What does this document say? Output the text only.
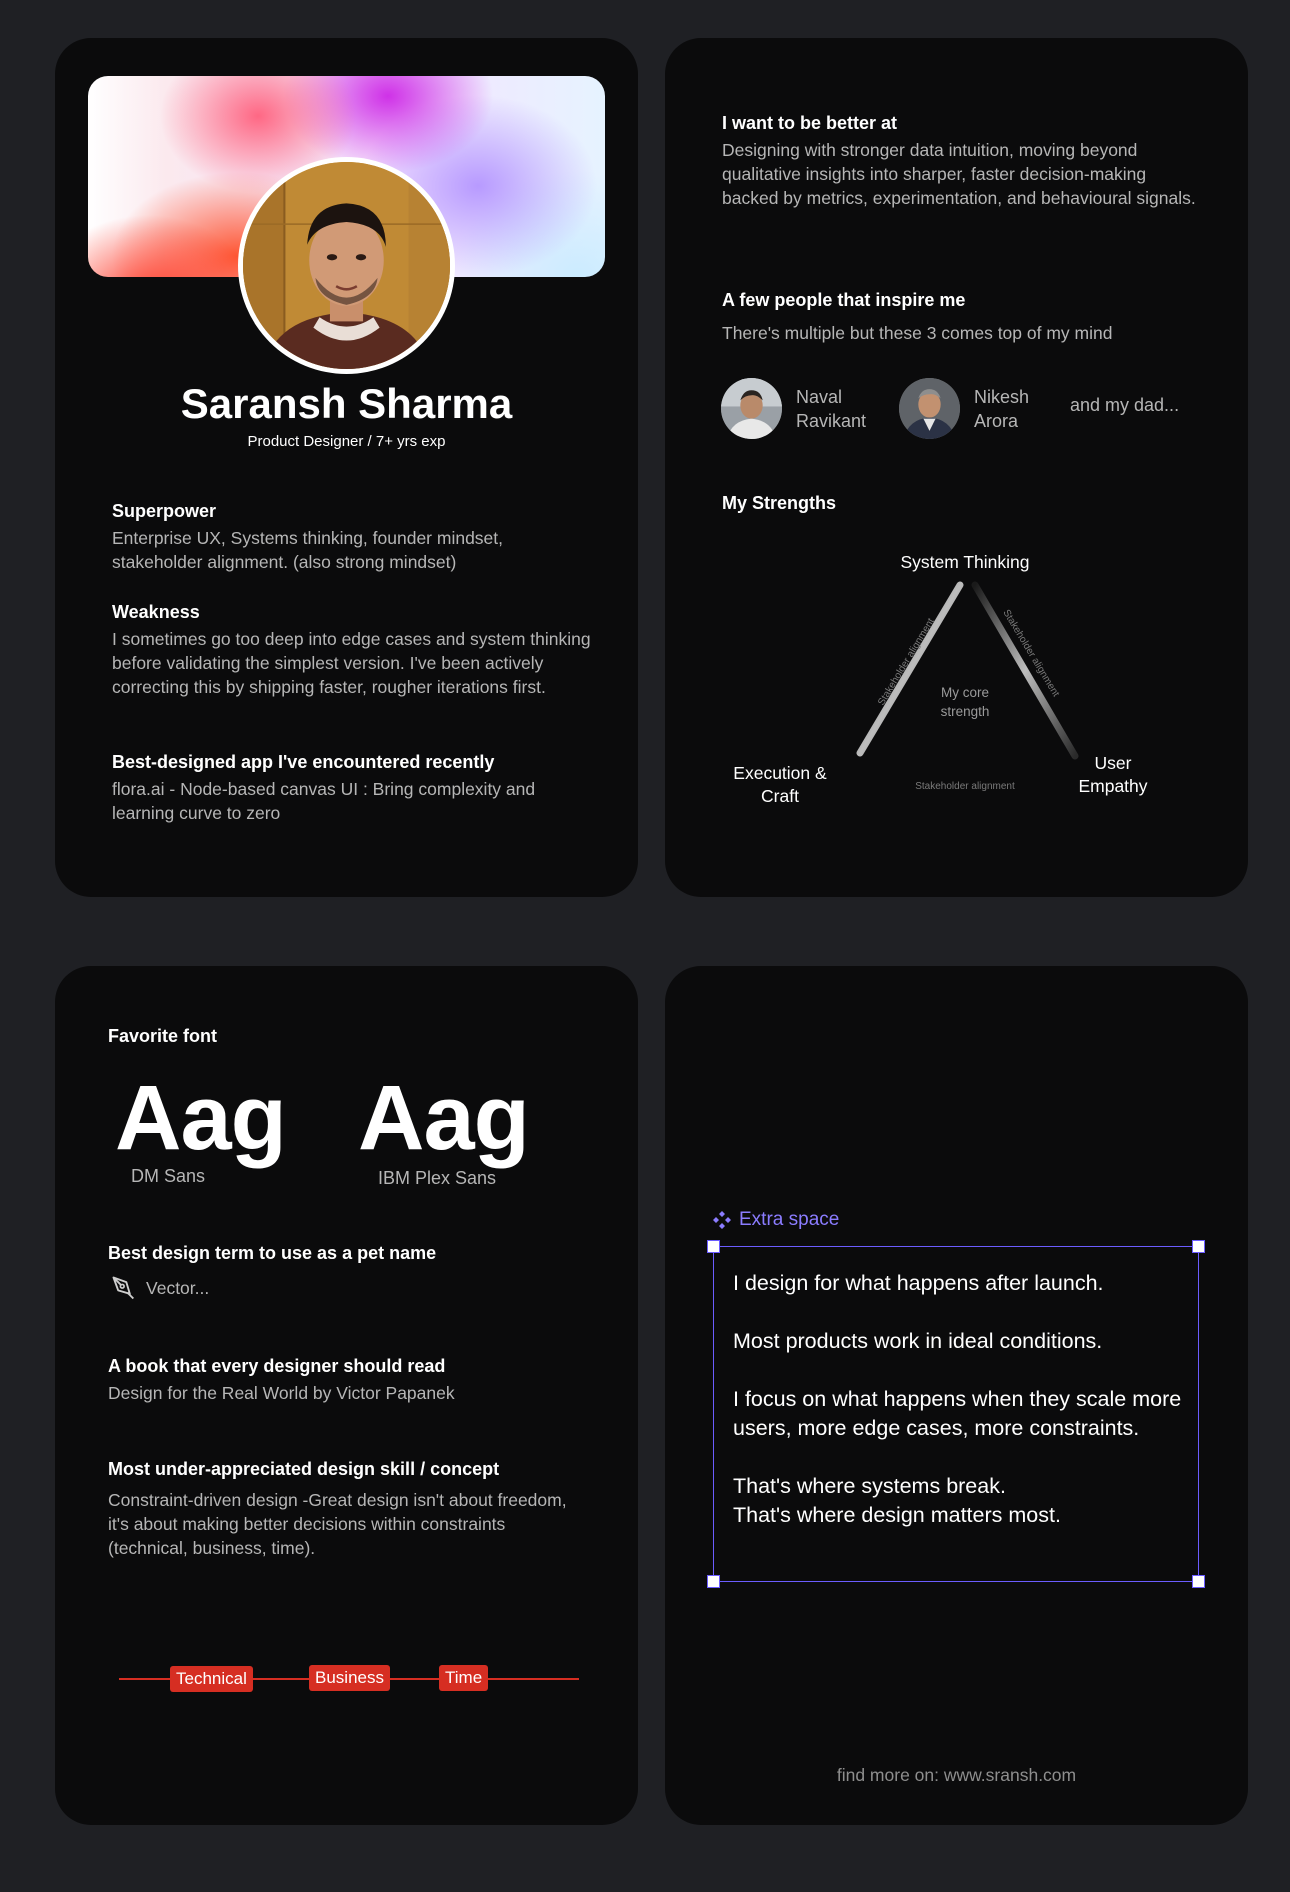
Saransh Sharma
Product Designer / 7+ yrs exp
Superpower
Enterprise UX, Systems thinking, founder mindset, stakeholder alignment. (also strong mindset)
Weakness
I sometimes go too deep into edge cases and system thinking before validating the simplest version. I've been actively correcting this by shipping faster, rougher iterations first.
Best-designed app I've encountered recently
flora.ai - Node-based canvas UI : Bring complexity and learning curve to zero
I want to be better at
Designing with stronger data intuition, moving beyond qualitative insights into sharper, faster decision-making backed by metrics, experimentation, and behavioural signals.
A few people that inspire me
There's multiple but these 3 comes top of my mind
Naval
Ravikant
Nikesh
Arora
and my dad...
My Strengths
Stakeholder alignment	Stakeholder alignment
Stakeholder alignment
My core
strength
System Thinking
Execution &
Craft
User
Empathy
Favorite font
Aag
DM Sans
Aag
IBM Plex Sans
Best design term to use as a pet name
Vector...
A book that every designer should read
Design for the Real World by Victor Papanek
Most under-appreciated design skill / concept
Constraint-driven design -Great design isn't about freedom, it's about making better decisions within constraints (technical, business, time).
Technical	Business	Time
Extra space

I design for what happens after launch.

Most products work in ideal conditions.

I focus on what happens when they scale more users, more edge cases, more constraints.

That's where systems break.

That's where design matters most.

find more on: www.sransh.com
